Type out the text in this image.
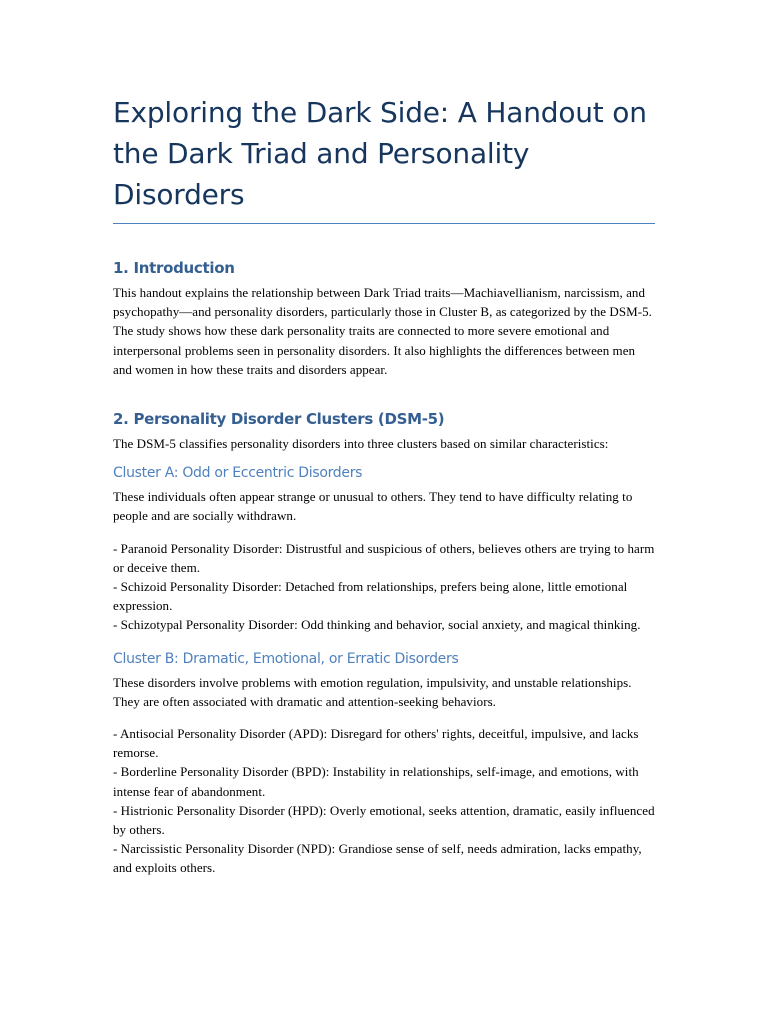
Exploring the Dark Side: A Handout on the Dark Triad and Personality Disorders
1. Introduction

This handout explains the relationship between Dark Triad traits—Machiavellianism, narcissism, and psychopathy—and personality disorders, particularly those in Cluster B, as categorized by the DSM-5. The study shows how these dark personality traits are connected to more severe emotional and interpersonal problems seen in personality disorders. It also highlights the differences between men and women in how these traits and disorders appear.

2. Personality Disorder Clusters (DSM-5)

The DSM-5 classifies personality disorders into three clusters based on similar characteristics:

Cluster A: Odd or Eccentric Disorders

These individuals often appear strange or unusual to others. They tend to have difficulty relating to people and are socially withdrawn.

- Paranoid Personality Disorder: Distrustful and suspicious of others, believes others are trying to harm or deceive them.

- Schizoid Personality Disorder: Detached from relationships, prefers being alone, little emotional expression.

- Schizotypal Personality Disorder: Odd thinking and behavior, social anxiety, and magical thinking.

Cluster B: Dramatic, Emotional, or Erratic Disorders

These disorders involve problems with emotion regulation, impulsivity, and unstable relationships. They are often associated with dramatic and attention-seeking behaviors.

- Antisocial Personality Disorder (APD): Disregard for others' rights, deceitful, impulsive, and lacks remorse.

- Borderline Personality Disorder (BPD): Instability in relationships, self-image, and emotions, with intense fear of abandonment.

- Histrionic Personality Disorder (HPD): Overly emotional, seeks attention, dramatic, easily influenced by others.

- Narcissistic Personality Disorder (NPD): Grandiose sense of self, needs admiration, lacks empathy, and exploits others.
